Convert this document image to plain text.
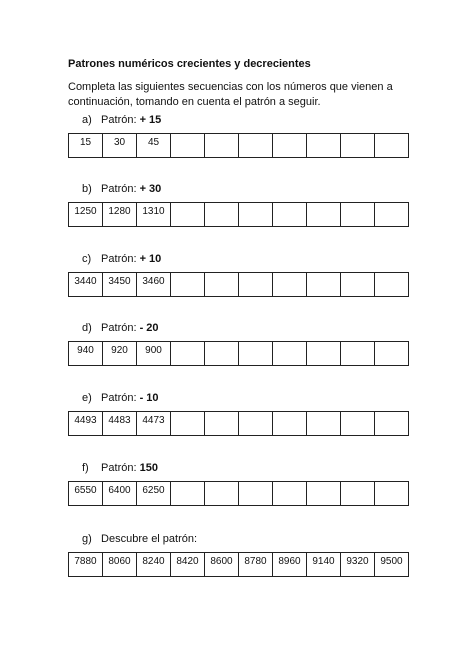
Patrones numéricos crecientes y decrecientes
Completa las siguientes secuencias con los números que vienen a
continuación, tomando en cuenta el patrón a seguir.
a) Patrón: + 15
15	30	45

b) Patrón: + 30
1250	1280	1310

c) Patrón: + 10
3440	3450	3460

d) Patrón: - 20
940	920	900

e) Patrón: - 10
4493	4483	4473

f) Patrón: 150
6550	6400	6250

g) Descubre el patrón:
7880	8060	8240	8420	8600	8780	8960	9140	9320	9500
